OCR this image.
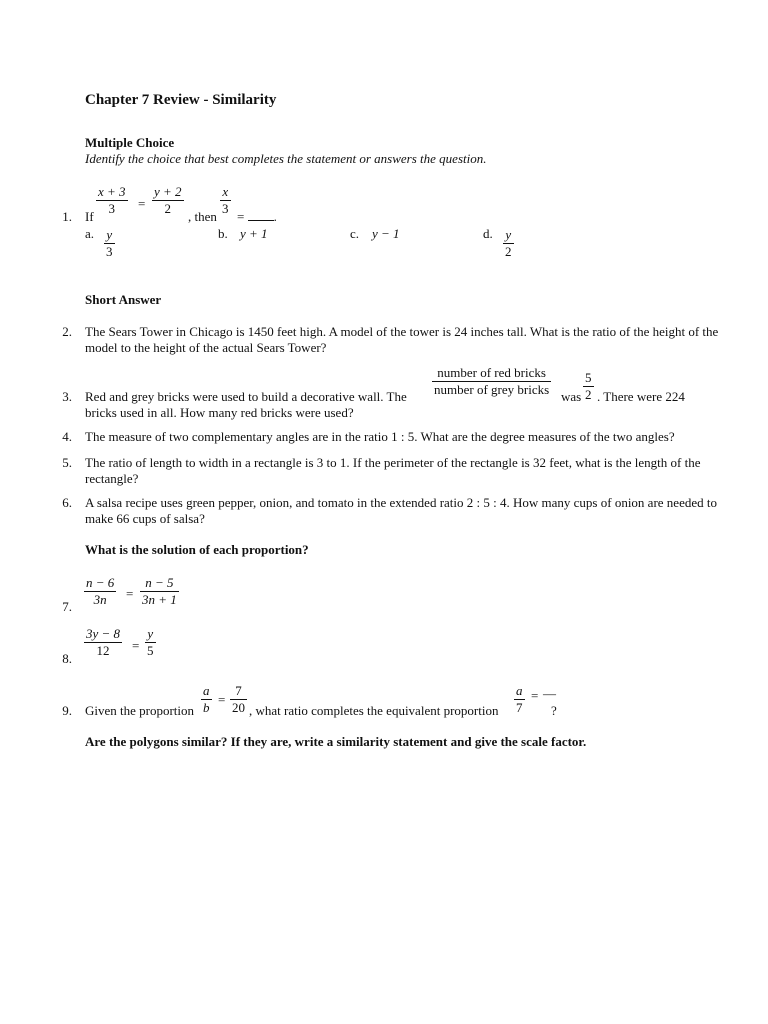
Chapter 7 Review - Similarity
Multiple Choice
Identify the choice that best completes the statement or answers the question.
1. If
x + 3
3 =
y + 2
2
, then
x
3
= .
a. y
3
b. y + 1	c. y − 1	d. y
2
Short Answer
2. The Sears Tower in Chicago is 1450 feet high. A model of the tower is 24 inches tall. What is the ratio of the height of the model to the height of the actual Sears Tower?
3. Red and grey bricks were used to build a decorative wall. The
number of red bricks
number of grey bricks was
5
2 . There were 224
bricks used in all. How many red bricks were used?
4. The measure of two complementary angles are in the ratio 1 : 5. What are the degree measures of the two angles?
5. The ratio of length to width in a rectangle is 3 to 1. If the perimeter of the rectangle is 32 feet, what is the length of the rectangle?
6. A salsa recipe uses green pepper, onion, and tomato in the extended ratio 2 : 5 : 4. How many cups of onion are needed to make 66 cups of salsa?
What is the solution of each proportion?
7.
n − 6
3n =
n − 5
3n + 1
8.
3y − 8
12 =
y
5
9. Given the proportion
a
b
=
7
20 , what ratio completes the equivalent proportion
a
7
= —
?
Are the polygons similar? If they are, write a similarity statement and give the scale factor.
